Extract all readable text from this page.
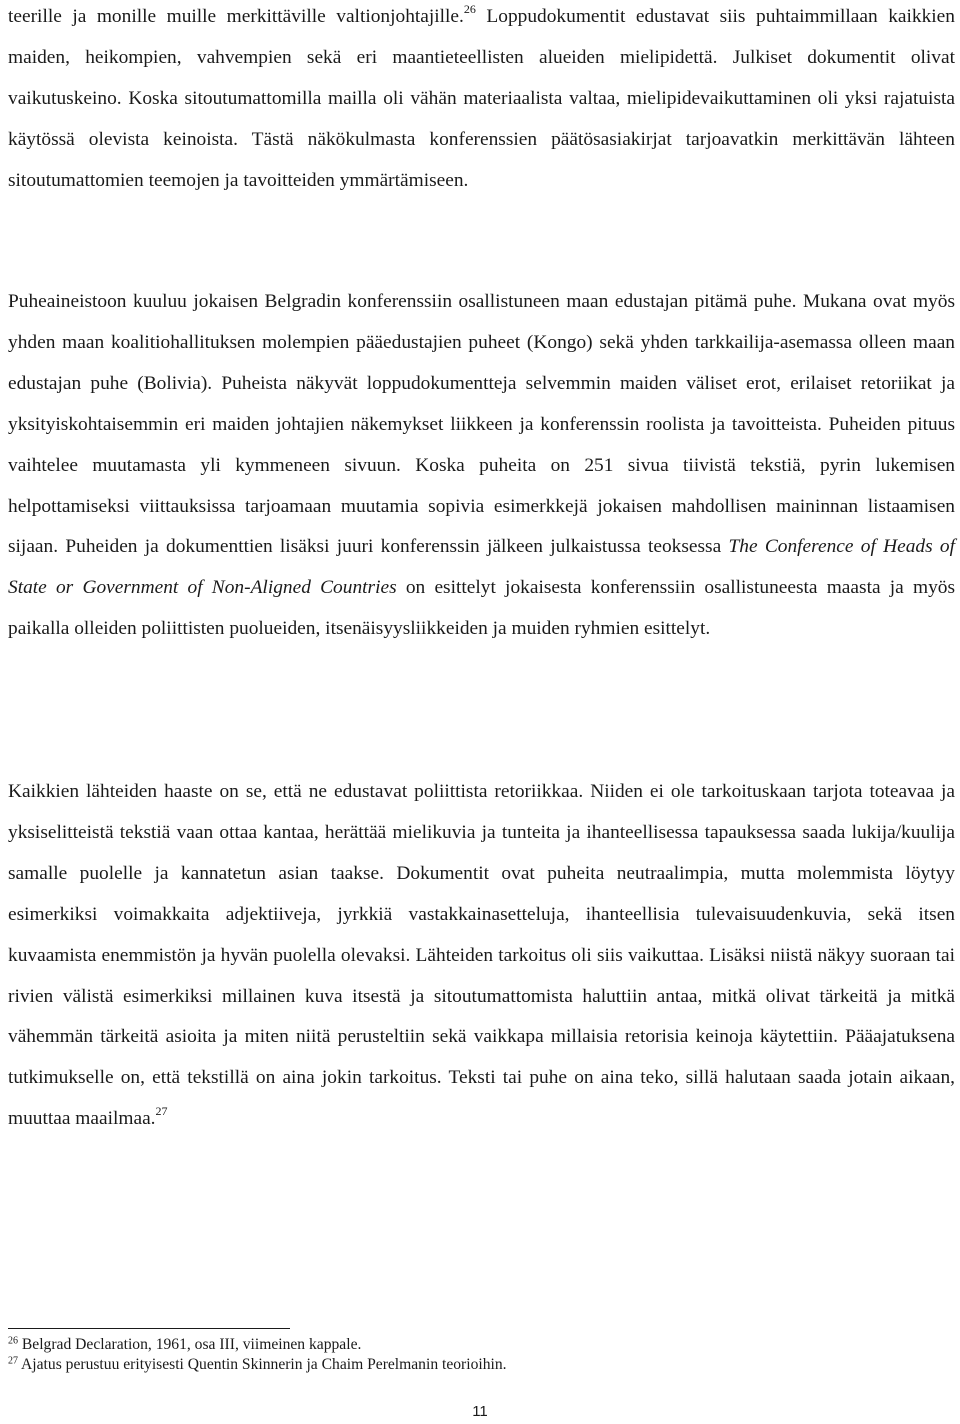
teerille ja monille muille merkittäville valtionjohtajille.$^{26}$ Loppudokumentit edustavat siis puhtaimmillaan kaikkien maiden, heikompien, vahvempien sekä eri maantieteellisten alueiden mielipidettä. Julkiset dokumentit olivat vaikutuskeino. Koska sitoutumattomilla mailla oli vähän materiaalista valtaa, mielipidevaikuttaminen oli yksi rajatuista käytössä olevista keinoista. Tästä näkökulmasta konferenssien päätösasiakirjat tarjoavatkin merkittävän lähteen sitoutumattomien teemojen ja tavoitteiden ymmärtämiseen.

Puheaineistoon kuuluu jokaisen Belgradin konferenssiin osallistuneen maan edustajan pitämä puhe. Mukana ovat myös yhden maan koalitiohallituksen molempien pääedustajien puheet (Kongo) sekä yhden tarkkailija-asemassa olleen maan edustajan puhe (Bolivia). Puheista näkyvät loppudokumentteja selvemmin maiden väliset erot, erilaiset retoriikat ja yksityiskohtaisemmin eri maiden johtajien näkemykset liikkeen ja konferenssin roolista ja tavoitteista. Puheiden pituus vaihtelee muutamasta yli kymmeneen sivuun. Koska puheita on 251 sivua tiivistä tekstiä, pyrin lukemisen helpottamiseksi viittauksissa tarjoamaan muutamia sopivia esimerkkejä jokaisen mahdollisen maininnan listaamisen sijaan. Puheiden ja dokumenttien lisäksi juuri konferenssin jälkeen julkaistussa teoksessa The Conference of Heads of State or Government of Non-Aligned Countries on esittelyt jokaisesta konferenssiin osallistuneesta maasta ja myös paikalla olleiden poliittisten puolueiden, itsenäisyysliikkeiden ja muiden ryhmien esittelyt.

Kaikkien lähteiden haaste on se, että ne edustavat poliittista retoriikkaa. Niiden ei ole tarkoituskaan tarjota toteavaa ja yksiselitteistä tekstiä vaan ottaa kantaa, herättää mielikuvia ja tunteita ja ihanteellisessa tapauksessa saada lukija/kuulija samalle puolelle ja kannatetun asian taakse. Dokumentit ovat puheita neutraalimpia, mutta molemmista löytyy esimerkiksi voimakkaita adjektiiveja, jyrkkiä vastakkainasetteluja, ihanteellisia tulevaisuudenkuvia, sekä itsen kuvaamista enemmistön ja hyvän puolella olevaksi. Lähteiden tarkoitus oli siis vaikuttaa. Lisäksi niistä näkyy suoraan tai rivien välistä esimerkiksi millainen kuva itsestä ja sitoutumattomista haluttiin antaa, mitkä olivat tärkeitä ja mitkä vähemmän tärkeitä asioita ja miten niitä perusteltiin sekä vaikkapa millaisia retorisia keinoja käytettiin. Pääajatuksena tutkimukselle on, että tekstillä on aina jokin tarkoitus. Teksti tai puhe on aina teko, sillä halutaan saada jotain aikaan, muuttaa maailmaa.$^{27}$

$^{26}$ Belgrad Declaration, 1961, osa III, viimeinen kappale.

$^{27}$ Ajatus perustuu erityisesti Quentin Skinnerin ja Chaim Perelmanin teorioihin.

11
